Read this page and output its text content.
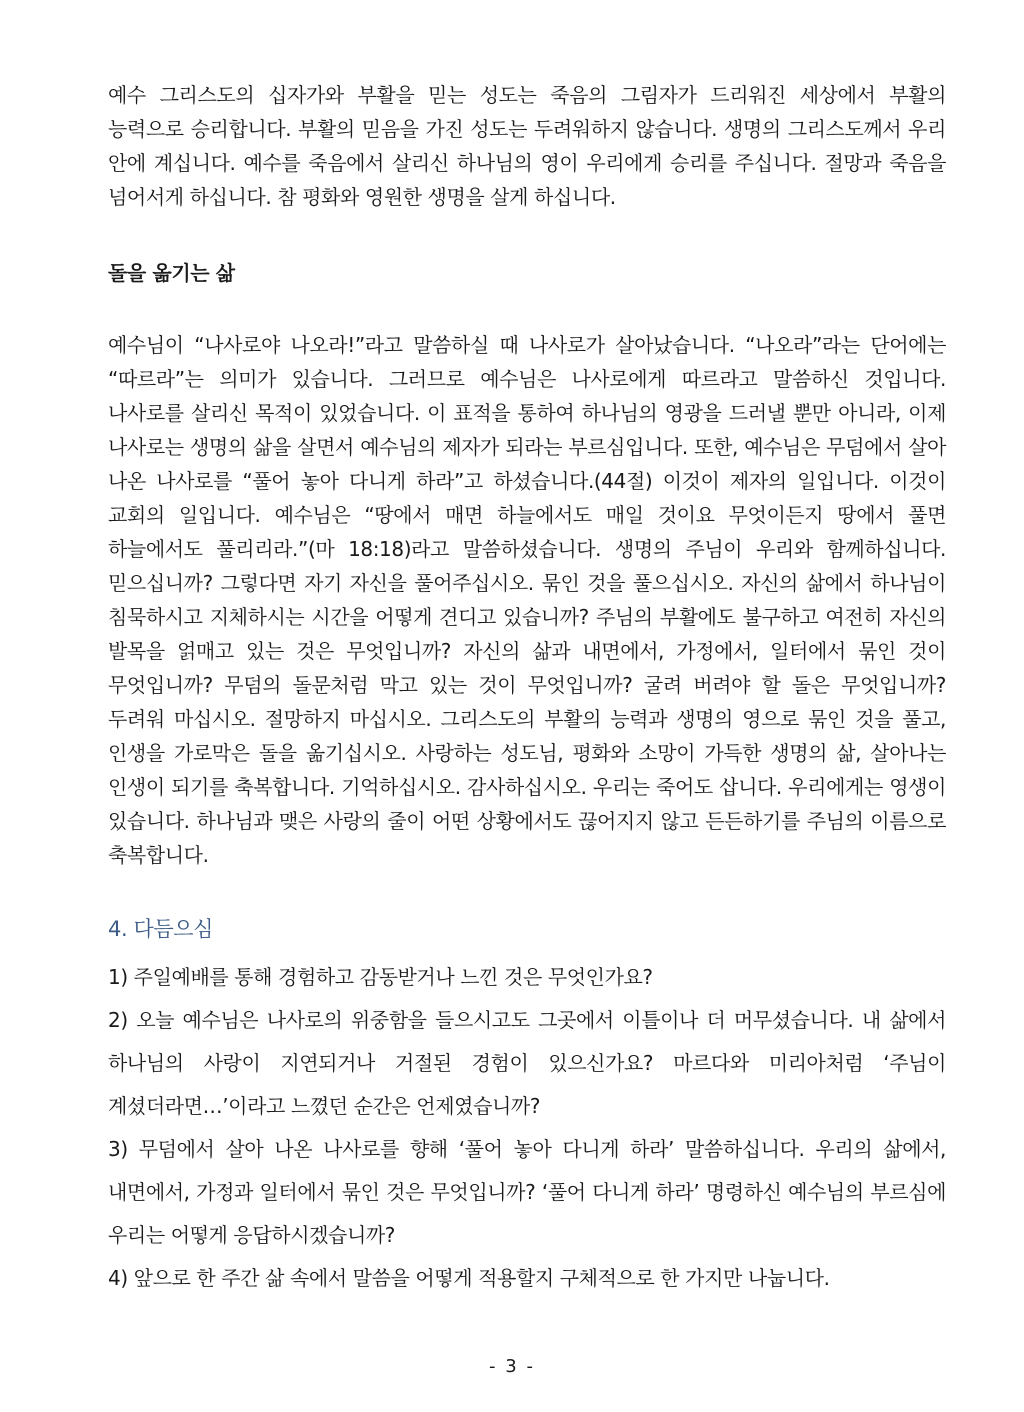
예수 그리스도의 십자가와 부활을 믿는 성도는 죽음의 그림자가 드리워진 세상에서 부활의 능력으로 승리합니다. 부활의 믿음을 가진 성도는 두려워하지 않습니다. 생명의 그리스도께서 우리 안에 계십니다. 예수를 죽음에서 살리신 하나님의 영이 우리에게 승리를 주십니다. 절망과 죽음을 넘어서게 하십니다. 참 평화와 영원한 생명을 살게 하십니다.

돌을 옮기는 삶

예수님이 “나사로야 나오라!”라고 말씀하실 때 나사로가 살아났습니다. “나오라”라는 단어에는 “따르라”는 의미가 있습니다. 그러므로 예수님은 나사로에게 따르라고 말씀하신 것입니다. 나사로를 살리신 목적이 있었습니다. 이 표적을 통하여 하나님의 영광을 드러낼 뿐만 아니라, 이제 나사로는 생명의 삶을 살면서 예수님의 제자가 되라는 부르심입니다. 또한, 예수님은 무덤에서 살아 나온 나사로를 “풀어 놓아 다니게 하라”고 하셨습니다.(44절) 이것이 제자의 일입니다. 이것이 교회의 일입니다. 예수님은 “땅에서 매면 하늘에서도 매일 것이요 무엇이든지 땅에서 풀면 하늘에서도 풀리리라.”(마 18:18)라고 말씀하셨습니다. 생명의 주님이 우리와 함께하십니다. 믿으십니까? 그렇다면 자기 자신을 풀어주십시오. 묶인 것을 풀으십시오. 자신의 삶에서 하나님이 침묵하시고 지체하시는 시간을 어떻게 견디고 있습니까? 주님의 부활에도 불구하고 여전히 자신의 발목을 얽매고 있는 것은 무엇입니까? 자신의 삶과 내면에서, 가정에서, 일터에서 묶인 것이 무엇입니까? 무덤의 돌문처럼 막고 있는 것이 무엇입니까? 굴려 버려야 할 돌은 무엇입니까? 두려워 마십시오. 절망하지 마십시오. 그리스도의 부활의 능력과 생명의 영으로 묶인 것을 풀고, 인생을 가로막은 돌을 옮기십시오. 사랑하는 성도님, 평화와 소망이 가득한 생명의 삶, 살아나는 인생이 되기를 축복합니다. 기억하십시오. 감사하십시오. 우리는 죽어도 삽니다. 우리에게는 영생이 있습니다. 하나님과 맺은 사랑의 줄이 어떤 상황에서도 끊어지지 않고 든든하기를 주님의 이름으로 축복합니다.

4. 다듬으심

1) 주일예배를 통해 경험하고 감동받거나 느낀 것은 무엇인가요?

2) 오늘 예수님은 나사로의 위중함을 들으시고도 그곳에서 이틀이나 더 머무셨습니다. 내 삶에서 하나님의 사랑이 지연되거나 거절된 경험이 있으신가요? 마르다와 미리아처럼 ‘주님이 계셨더라면…’이라고 느꼈던 순간은 언제였습니까?

3) 무덤에서 살아 나온 나사로를 향해 ‘풀어 놓아 다니게 하라’ 말씀하십니다. 우리의 삶에서, 내면에서, 가정과 일터에서 묶인 것은 무엇입니까? ‘풀어 다니게 하라’ 명령하신 예수님의 부르심에 우리는 어떻게 응답하시겠습니까?

4) 앞으로 한 주간 삶 속에서 말씀을 어떻게 적용할지 구체적으로 한 가지만 나눕니다.

- 3 -
